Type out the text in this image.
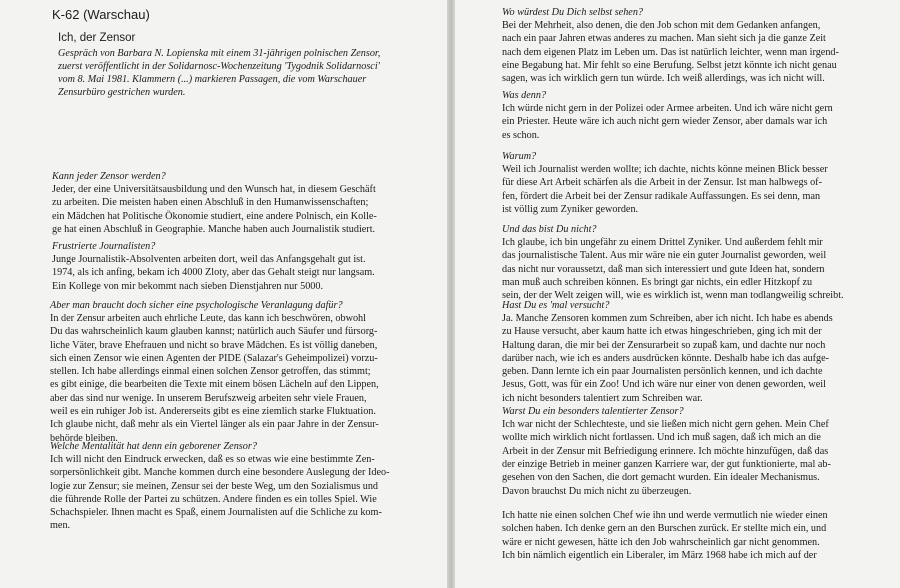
K-62 (Warschau)
Ich, der Zensor
Gespräch von Barbara N. Lopienska mit einem 31-jährigen polnischen Zensor,
zuerst veröffentlicht in der Solidarnosc-Wochenzeitung 'Tygodnik Solidarnosci'
vom 8. Mai 1981. Klammern (...) markieren Passagen, die vom Warschauer
Zensurbüro gestrichen wurden.
Kann jeder Zensor werden?
Jeder, der eine Universitätsausbildung und den Wunsch hat, in diesem Geschäft
zu arbeiten. Die meisten haben einen Abschluß in den Humanwissenschaften;
ein Mädchen hat Politische Ökonomie studiert, eine andere Polnisch, ein Kolle-
ge hat einen Abschluß in Geographie. Manche haben auch Journalistik studiert.
Frustrierte Journalisten?
Junge Journalistik-Absolventen arbeiten dort, weil das Anfangsgehalt gut ist.
1974, als ich anfing, bekam ich 4000 Zloty, aber das Gehalt steigt nur langsam.
Ein Kollege von mir bekommt nach sieben Dienstjahren nur 5000.
Aber man braucht doch sicher eine psychologische Veranlagung dafür?
In der Zensur arbeiten auch ehrliche Leute, das kann ich beschwören, obwohl
Du das wahrscheinlich kaum glauben kannst; natürlich auch Säufer und fürsorg-
liche Väter, brave Ehefrauen und nicht so brave Mädchen. Es ist völlig daneben,
sich einen Zensor wie einen Agenten der PIDE (Salazar's Geheimpolizei) vorzu-
stellen. Ich habe allerdings einmal einen solchen Zensor getroffen, das stimmt;
es gibt einige, die bearbeiten die Texte mit einem bösen Lächeln auf den Lippen,
aber das sind nur wenige. In unserem Berufszweig arbeiten sehr viele Frauen,
weil es ein ruhiger Job ist. Andererseits gibt es eine ziemlich starke Fluktuation.
Ich glaube nicht, daß mehr als ein Viertel länger als ein paar Jahre in der Zensur-
behörde bleiben.
Welche Mentalität hat denn ein geborener Zensor?
Ich will nicht den Eindruck erwecken, daß es so etwas wie eine bestimmte Zen-
sorpersönlichkeit gibt. Manche kommen durch eine besondere Auslegung der Ideo-
logie zur Zensur; sie meinen, Zensur sei der beste Weg, um den Sozialismus und
die führende Rolle der Partei zu schützen. Andere finden es ein tolles Spiel. Wie
Schachspieler. Ihnen macht es Spaß, einem Journalisten auf die Schliche zu kom-
men.
Wo würdest Du Dich selbst sehen?
Bei der Mehrheit, also denen, die den Job schon mit dem Gedanken anfangen,
nach ein paar Jahren etwas anderes zu machen. Man sieht sich ja die ganze Zeit
nach dem eigenen Platz im Leben um. Das ist natürlich leichter, wenn man irgend-
eine Begabung hat. Mir fehlt so eine Berufung. Selbst jetzt könnte ich nicht genau
sagen, was ich wirklich gern tun würde. Ich weiß allerdings, was ich nicht will.
Was denn?
Ich würde nicht gern in der Polizei oder Armee arbeiten. Und ich wäre nicht gern
ein Priester. Heute wäre ich auch nicht gern wieder Zensor, aber damals war ich
es schon.
Warum?
Weil ich Journalist werden wollte; ich dachte, nichts könne meinen Blick besser
für diese Art Arbeit schärfen als die Arbeit in der Zensur. Ist man halbwegs of-
fen, fördert die Arbeit bei der Zensur radikale Auffassungen. Es sei denn, man
ist völlig zum Zyniker geworden.
Und das bist Du nicht?
Ich glaube, ich bin ungefähr zu einem Drittel Zyniker. Und außerdem fehlt mir
das journalistische Talent. Aus mir wäre nie ein guter Journalist geworden, weil
das nicht nur voraussetzt, daß man sich interessiert und gute Ideen hat, sondern
man muß auch schreiben können. Es bringt gar nichts, ein edler Hitzkopf zu
sein, der der Welt zeigen will, wie es wirklich ist, wenn man todlangweilig schreibt.
Hast Du es 'mal versucht?
Ja. Manche Zensoren kommen zum Schreiben, aber ich nicht. Ich habe es abends
zu Hause versucht, aber kaum hatte ich etwas hingeschrieben, ging ich mit der
Haltung daran, die mir bei der Zensurarbeit so zupaß kam, und dachte nur noch
darüber nach, wie ich es anders ausdrücken könnte. Deshalb habe ich das aufge-
geben. Dann lernte ich ein paar Journalisten persönlich kennen, und ich dachte
Jesus, Gott, was für ein Zoo! Und ich wäre nur einer von denen geworden, weil
ich nicht besonders talentiert zum Schreiben war.
Warst Du ein besonders talentierter Zensor?
Ich war nicht der Schlechteste, und sie ließen mich nicht gern gehen. Mein Chef
wollte mich wirklich nicht fortlassen. Und ich muß sagen, daß ich mich an die
Arbeit in der Zensur mit Befriedigung erinnere. Ich möchte hinzufügen, daß das
der einzige Betrieb in meiner ganzen Karriere war, der gut funktionierte, mal ab-
gesehen von den Sachen, die dort gemacht wurden. Ein idealer Mechanismus.
Davon brauchst Du mich nicht zu überzeugen.
Ich hatte nie einen solchen Chef wie ihn und werde vermutlich nie wieder einen
solchen haben. Ich denke gern an den Burschen zurück. Er stellte mich ein, und
wäre er nicht gewesen, hätte ich den Job wahrscheinlich gar nicht genommen.
Ich bin nämlich eigentlich ein Liberaler, im März 1968 habe ich mich auf der
